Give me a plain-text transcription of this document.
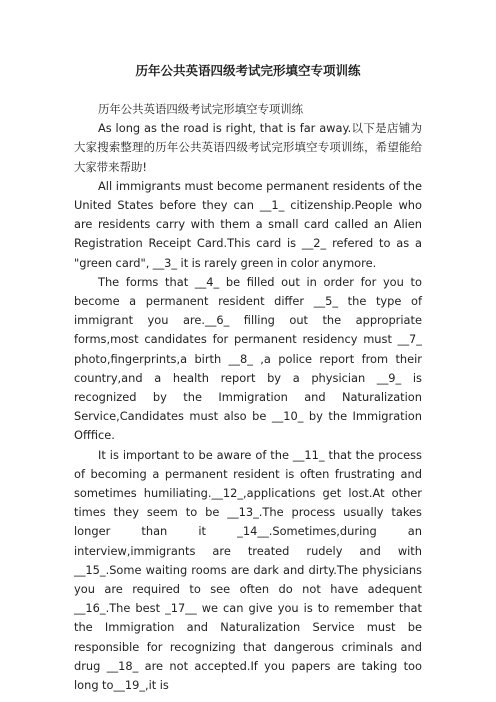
历年公共英语四级考试完形填空专项训练

历年公共英语四级考试完形填空专项训练

As long as the road is right, that is far away.以下是店铺为大家搜索整理的历年公共英语四级考试完形填空专项训练，希望能给大家带来帮助!

All immigrants must become permanent residents of the United States before they can __1_ citizenship.People who are residents carry with them a small card called an Alien Registration Receipt Card.This card is __2_ refered to as a "green card", __3_ it is rarely green in color anymore.

The forms that __4_ be filled out in order for you to become a permanent resident differ __5_ the type of immigrant you are.__6_ filling out the appropriate forms,most candidates for permanent residency must __7_ photo,fingerprints,a birth __8_ ,a police report from their country,and a health report by a physician __9_ is recognized by the Immigration and Naturalization Service,Candidates must also be __10_ by the Immigration Offfice.

It is important to be aware of the __11_ that the process of becoming a permanent resident is often frustrating and sometimes humiliating.__12_,applications get lost.At other times they seem to be __13_.The process usually takes longer than it _14__.Sometimes,during an interview,immigrants are treated rudely and with __15_.Some waiting rooms are dark and dirty.The physicians you are required to see often do not have adequent __16_.The best _17__ we can give you is to remember that the Immigration and Naturalization Service must be responsible for recognizing that dangerous criminals and drug __18_ are not accepted.If you papers are taking too long to__19_,it is
